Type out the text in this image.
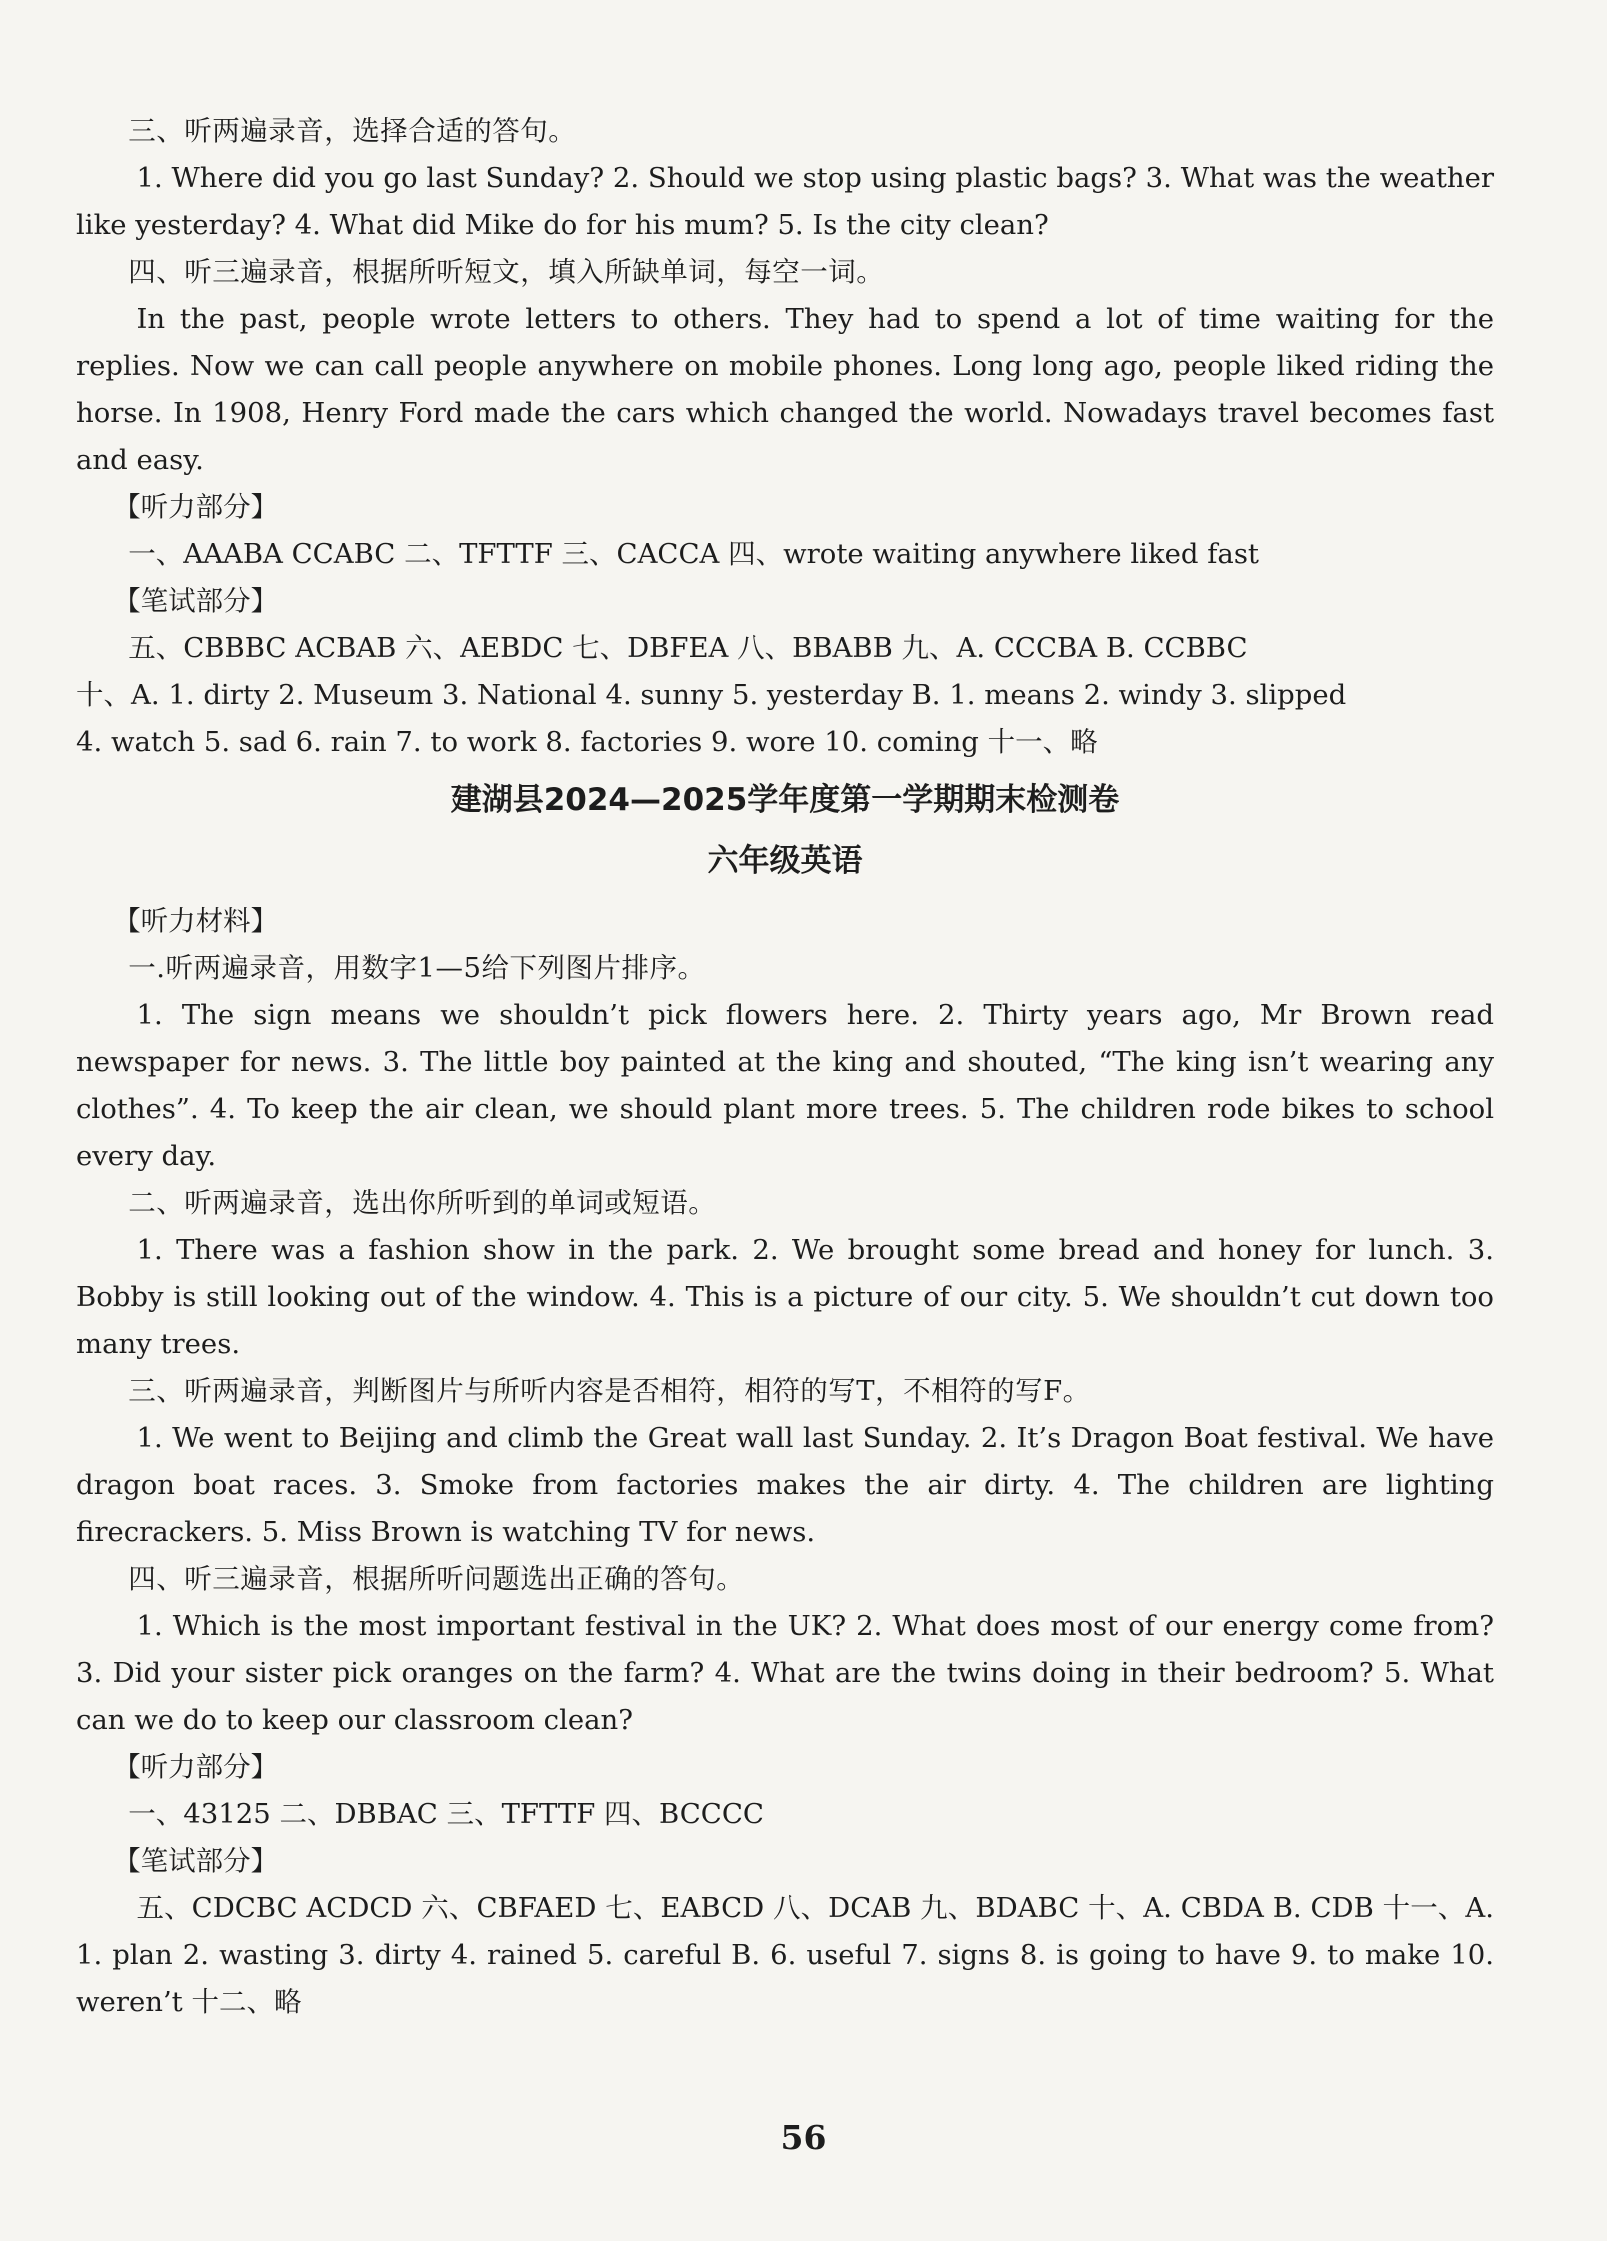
三、听两遍录音，选择合适的答句。

1. Where did you go last Sunday? 2. Should we stop using plastic bags? 3. What was the weather like yesterday? 4. What did Mike do for his mum? 5. Is the city clean?

四、听三遍录音，根据所听短文，填入所缺单词，每空一词。

In the past, people wrote letters to others. They had to spend a lot of time waiting for the replies. Now we can call people anywhere on mobile phones. Long long ago, people liked riding the horse. In 1908, Henry Ford made the cars which changed the world. Nowadays travel becomes fast and easy.

【听力部分】

一、AAABA CCABC 二、TFTTF 三、CACCA 四、wrote waiting anywhere liked fast

【笔试部分】

五、CBBBC ACBAB 六、AEBDC 七、DBFEA 八、BBABB 九、A. CCCBA B. CCBBC

十、A. 1. dirty 2. Museum 3. National 4. sunny 5. yesterday B. 1. means 2. windy 3. slipped

4. watch 5. sad 6. rain 7. to work 8. factories 9. wore 10. coming 十一、略

建湖县2024—2025学年度第一学期期末检测卷
六年级英语

【听力材料】

一.听两遍录音，用数字1—5给下列图片排序。

1. The sign means we shouldn’t pick flowers here. 2. Thirty years ago, Mr Brown read newspaper for news. 3. The little boy painted at the king and shouted, “The king isn’t wearing any clothes”. 4. To keep the air clean, we should plant more trees. 5. The children rode bikes to school every day.

二、听两遍录音，选出你所听到的单词或短语。

1. There was a fashion show in the park. 2. We brought some bread and honey for lunch. 3. Bobby is still looking out of the window. 4. This is a picture of our city. 5. We shouldn’t cut down too many trees.

三、听两遍录音，判断图片与所听内容是否相符，相符的写T，不相符的写F。

1. We went to Beijing and climb the Great wall last Sunday. 2. It’s Dragon Boat festival. We have dragon boat races. 3. Smoke from factories makes the air dirty. 4. The children are lighting firecrackers. 5. Miss Brown is watching TV for news.

四、听三遍录音，根据所听问题选出正确的答句。

1. Which is the most important festival in the UK? 2. What does most of our energy come from? 3. Did your sister pick oranges on the farm? 4. What are the twins doing in their bedroom? 5. What can we do to keep our classroom clean?

【听力部分】

一、43125 二、DBBAC 三、TFTTF 四、BCCCC

【笔试部分】

五、CDCBC ACDCD 六、CBFAED 七、EABCD 八、DCAB 九、BDABC 十、A. CBDA B. CDB 十一、A. 1. plan 2. wasting 3. dirty 4. rained 5. careful B. 6. useful 7. signs 8. is going to have 9. to make 10. weren’t 十二、略

56
